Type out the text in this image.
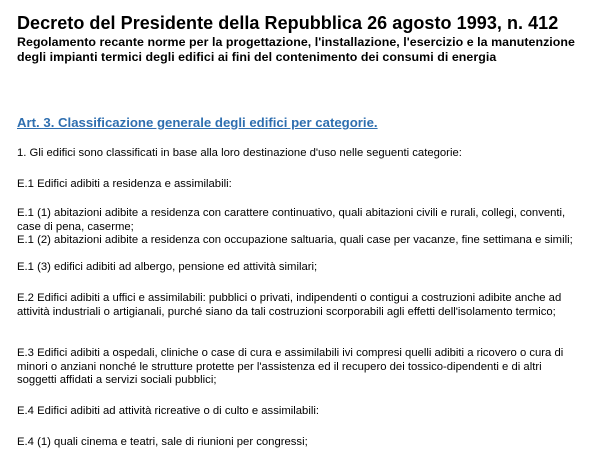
Decreto del Presidente della Repubblica 26 agosto 1993, n. 412

Regolamento recante norme per la progettazione, l'installazione, l'esercizio e la manutenzione degli impianti termici degli edifici ai fini del contenimento dei consumi di energia

Art. 3. Classificazione generale degli edifici per categorie.

1. Gli edifici sono classificati in base alla loro destinazione d'uso nelle seguenti categorie:

E.1 Edifici adibiti a residenza e assimilabili:

E.1 (1) abitazioni adibite a residenza con carattere continuativo, quali abitazioni civili e rurali, collegi, conventi, case di pena, caserme;

E.1 (2) abitazioni adibite a residenza con occupazione saltuaria, quali case per vacanze, fine settimana e simili;

E.1 (3) edifici adibiti ad albergo, pensione ed attività similari;

E.2 Edifici adibiti a uffici e assimilabili: pubblici o privati, indipendenti o contigui a costruzioni adibite anche ad attività industriali o artigianali, purché siano da tali costruzioni scorporabili agli effetti dell'isolamento termico;

E.3 Edifici adibiti a ospedali, cliniche o case di cura e assimilabili ivi compresi quelli adibiti a ricovero o cura di minori o anziani nonché le strutture protette per l'assistenza ed il recupero dei tossico-dipendenti e di altri soggetti affidati a servizi sociali pubblici;

E.4 Edifici adibiti ad attività ricreative o di culto e assimilabili:

E.4 (1) quali cinema e teatri, sale di riunioni per congressi;
